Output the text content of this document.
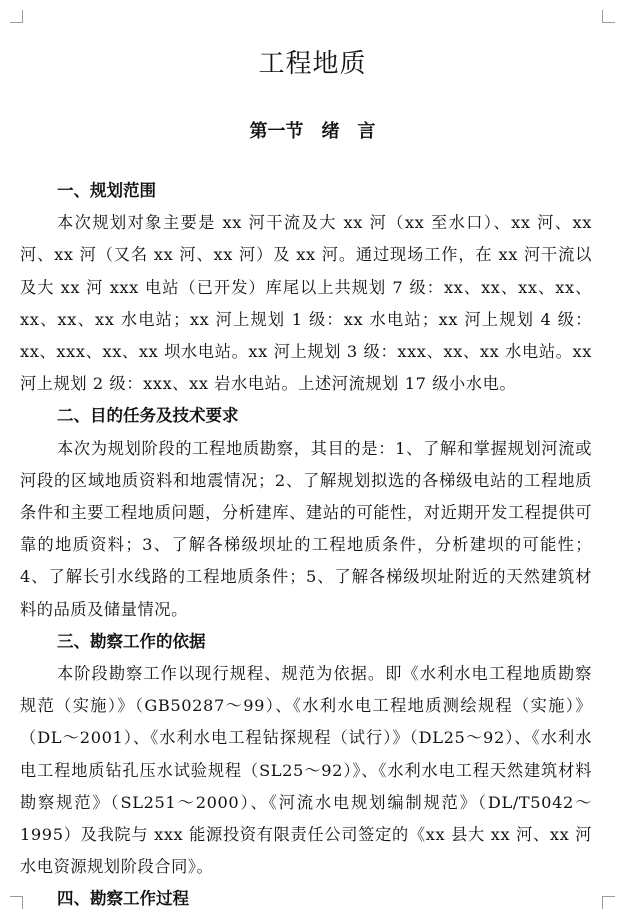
工程地质
第一节　绪　言

一、规划范围

本次规划对象主要是 xx 河干流及大 xx 河（xx 至水口）、xx 河、xx 河、xx 河（又名 xx 河、xx 河）及 xx 河。通过现场工作，在 xx 河干流以及大 xx 河 xxx 电站（已开发）库尾以上共规划 7 级：xx、xx、xx、xx、xx、xx、xx 水电站；xx 河上规划 1 级：xx 水电站；xx 河上规划 4 级：xx、xxx、xx、xx 坝水电站。xx 河上规划 3 级：xxx、xx、xx 水电站。xx 河上规划 2 级：xxx、xx 岩水电站。上述河流规划 17 级小水电。

二、目的任务及技术要求

本次为规划阶段的工程地质勘察，其目的是：1、了解和掌握规划河流或河段的区域地质资料和地震情况；2、了解规划拟选的各梯级电站的工程地质条件和主要工程地质问题，分析建库、建站的可能性，对近期开发工程提供可靠的地质资料；3、了解各梯级坝址的工程地质条件，分析建坝的可能性；4、了解长引水线路的工程地质条件；5、了解各梯级坝址附近的天然建筑材料的品质及储量情况。

三、勘察工作的依据

本阶段勘察工作以现行规程、规范为依据。即《水利水电工程地质勘察规范（实施）》（GB50287～99）、《水利水电工程地质测绘规程（实施）》（DL～2001）、《水利水电工程钻探规程（试行）》（DL25～92）、《水利水电工程地质钻孔压水试验规程（SL25～92）》、《水利水电工程天然建筑材料勘察规范》（SL251～2000）、《河流水电规划编制规范》（DL/T5042～1995）及我院与 xxx 能源投资有限责任公司签定的《xx 县大 xx 河、xx 河水电资源规划阶段合同》。

四、勘察工作过程
